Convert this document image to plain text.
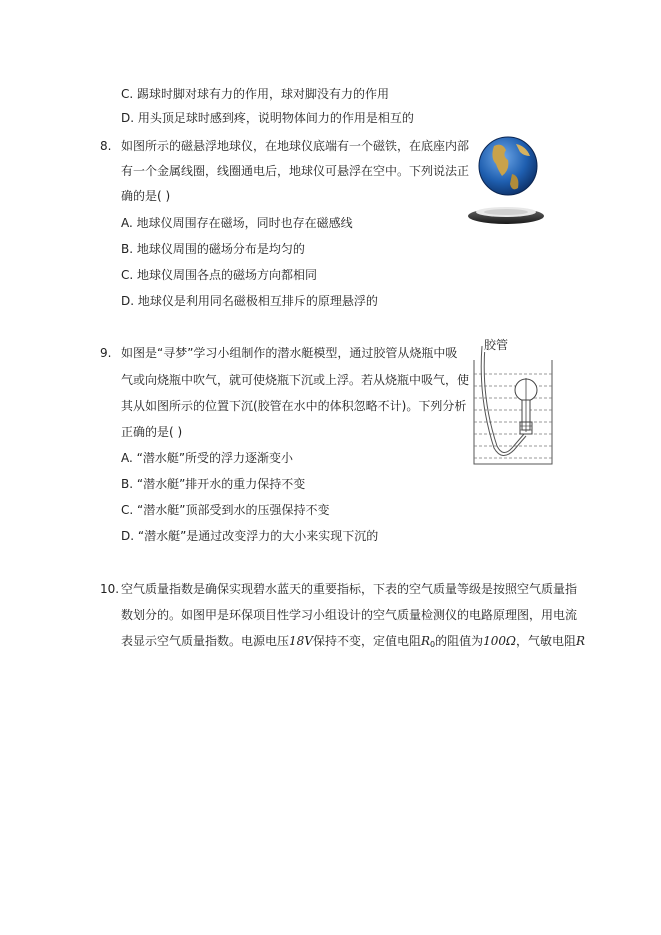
C. 踢球时脚对球有力的作用，球对脚没有力的作用
D. 用头顶足球时感到疼，说明物体间力的作用是相互的
8. 如图所示的磁悬浮地球仪，在地球仪底端有一个磁铁，在底座内部
有一个金属线圈，线圈通电后，地球仪可悬浮在空中。下列说法正
确的是( )
A. 地球仪周围存在磁场，同时也存在磁感线
B. 地球仪周围的磁场分布是均匀的
C. 地球仪周围各点的磁场方向都相同
D. 地球仪是利用同名磁极相互排斥的原理悬浮的
9. 如图是“寻梦”学习小组制作的潜水艇模型，通过胶管从烧瓶中吸
气或向烧瓶中吹气，就可使烧瓶下沉或上浮。若从烧瓶中吸气，使
其从如图所示的位置下沉(胶管在水中的体积忽略不计)。下列分析
正确的是( )
A. “潜水艇”所受的浮力逐渐变小
B. “潜水艇”排开水的重力保持不变
C. “潜水艇”顶部受到水的压强保持不变
D. “潜水艇”是通过改变浮力的大小来实现下沉的
胶管
10. 空气质量指数是确保实现碧水蓝天的重要指标，下表的空气质量等级是按照空气质量指
数划分的。如图甲是环保项目性学习小组设计的空气质量检测仪的电路原理图，用电流
表显示空气质量指数。电源电压18V保持不变，定值电阻$R_0$的阻值为100Ω，气敏电阻R
